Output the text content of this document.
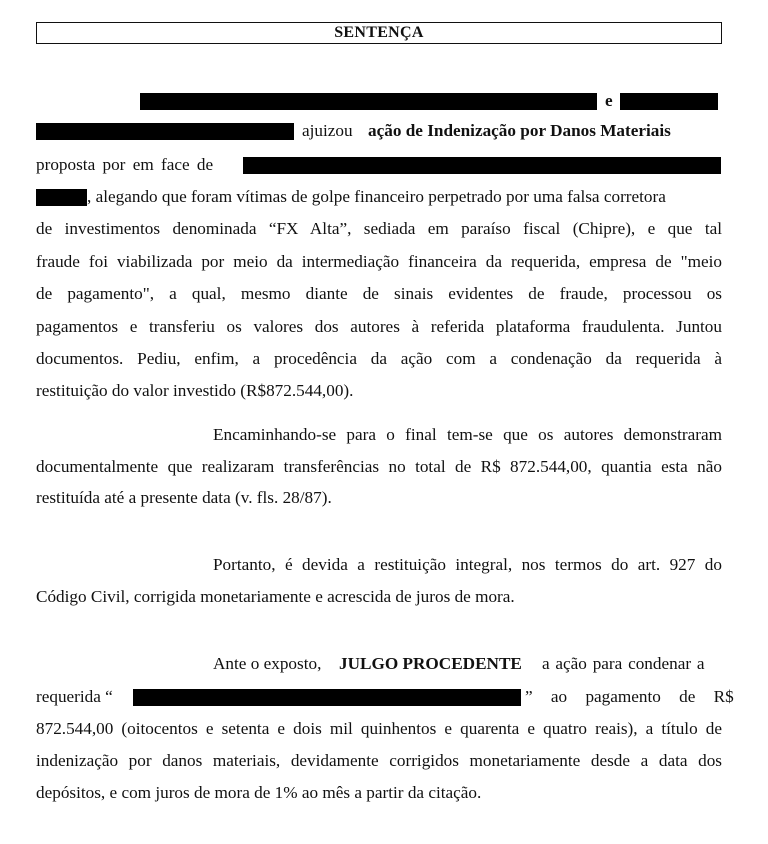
SENTENÇA
e
ajuizou ação de Indenização por Danos Materiais
proposta por em face de
, alegando que foram vítimas de golpe financeiro perpetrado por uma falsa corretora
de investimentos denominada “FX Alta”, sediada em paraíso fiscal (Chipre), e que tal
fraude foi viabilizada por meio da intermediação financeira da requerida, empresa de "meio
de pagamento", a qual, mesmo diante de sinais evidentes de fraude, processou os
pagamentos e transferiu os valores dos autores à referida plataforma fraudulenta. Juntou
documentos. Pediu, enfim, a procedência da ação com a condenação da requerida à
restituição do valor investido (R$872.544,00).
Encaminhando-se para o final tem-se que os autores demonstraram
documentalmente que realizaram transferências no total de R$ 872.544,00, quantia esta não
restituída até a presente data (v. fls. 28/87).
Portanto, é devida a restituição integral, nos termos do art. 927 do
Código Civil, corrigida monetariamente e acrescida de juros de mora.
Ante o exposto, JULGO PROCEDENTE a ação para condenar a
requerida “	” ao pagamento de R$
872.544,00 (oitocentos e setenta e dois mil quinhentos e quarenta e quatro reais), a título de
indenização por danos materiais, devidamente corrigidos monetariamente desde a data dos
depósitos, e com juros de mora de 1% ao mês a partir da citação.
